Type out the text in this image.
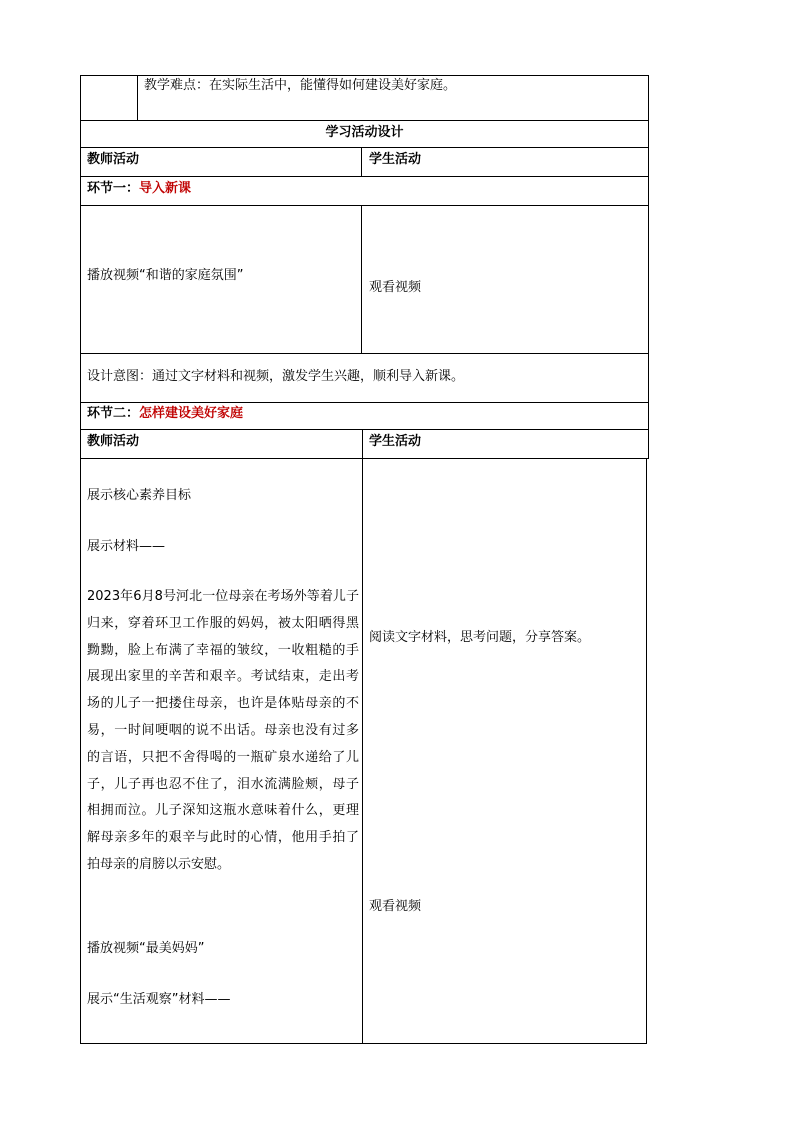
教学难点：在实际生活中，能懂得如何建设美好家庭。
学习活动设计
教师活动	学生活动
环节一：导入新课
播放视频“和谐的家庭氛围”
观看视频
设计意图：通过文字材料和视频，激发学生兴趣，顺利导入新课。
环节二：怎样建设美好家庭
教师活动	学生活动
展示核心素养目标
展示材料——
2023年6月8号河北一位母亲在考场外等着儿子归来，穿着环卫工作服的妈妈，被太阳晒得黑黝黝，脸上布满了幸福的皱纹，一收粗糙的手展现出家里的辛苦和艰辛。考试结束，走出考场的儿子一把搂住母亲，也许是体贴母亲的不易，一时间哽咽的说不出话。母亲也没有过多的言语，只把不舍得喝的一瓶矿泉水递给了儿子，儿子再也忍不住了，泪水流满脸颊，母子相拥而泣。儿子深知这瓶水意味着什么，更理解母亲多年的艰辛与此时的心情，他用手拍了拍母亲的肩膀以示安慰。
播放视频“最美妈妈”
展示“生活观察”材料——
阅读文字材料，思考问题，分享答案。
观看视频
